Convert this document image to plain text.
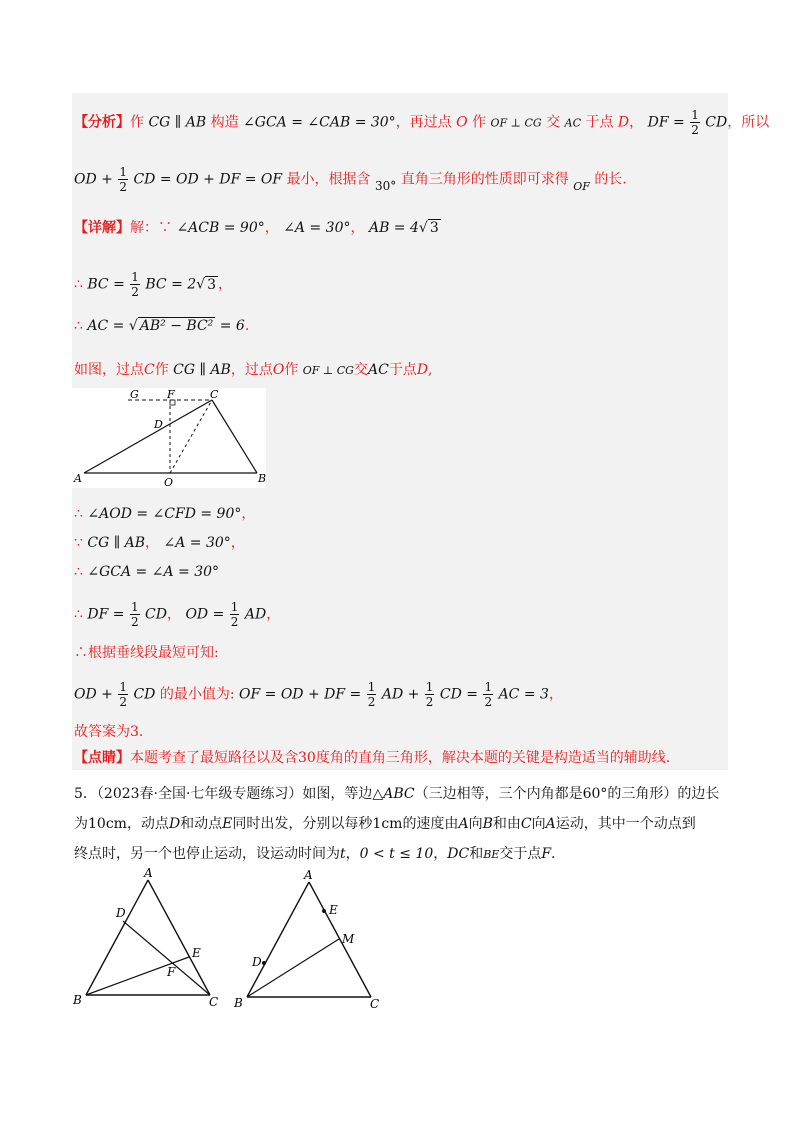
【分析】作 CG ∥ AB 构造 ∠GCA = ∠CAB = 30°，再过点 O 作 OF ⊥ CG 交 AC 于点 D， DF = $\frac{1}{2}$ CD，所以
OD + $\frac{1}{2}$ CD = OD + DF = OF 最小，根据含 30° 直角三角形的性质即可求得 $_{OF}$ 的长.
【详解】解：∵ ∠ACB = 90°， ∠A = 30°， AB = 4√ 3
∴ BC = $\frac{1}{2}$ BC = 2√ 3 ，
∴ AC = √ AB² − BC² = 6.
如图，过点C作 CG ∥ AB，过点O作 OF ⊥ CG交AC于点D,
G	F	C
D
A	O	B
∴ ∠AOD = ∠CFD = 90°，
∵ CG ∥ AB， ∠A = 30°，
∴ ∠GCA = ∠A = 30°
∴ DF = $\frac{1}{2}$ CD， OD = $\frac{1}{2}$ AD，
∴根据垂线段最短可知:
OD + $\frac{1}{2}$ CD 的最小值为: OF = OD + DF = $\frac{1}{2}$ AD + $\frac{1}{2}$ CD = $\frac{1}{2}$ AC = 3，
故答案为3.
【点睛】本题考查了最短路径以及含30度角的直角三角形，解决本题的关键是构造适当的辅助线.
5．（2023春·全国·七年级专题练习）如图，等边△ABC（三边相等，三个内角都是60°的三角形）的边长
为10cm，动点D和动点E同时出发，分别以每秒1cm的速度由A向B和由C向A运动，其中一个动点到
终点时，另一个也停止运动，设运动时间为t，0 < t ≤ 10，DC和BE交于点F.
A
D
E
F
B	C
A
E
M
D
B	C
